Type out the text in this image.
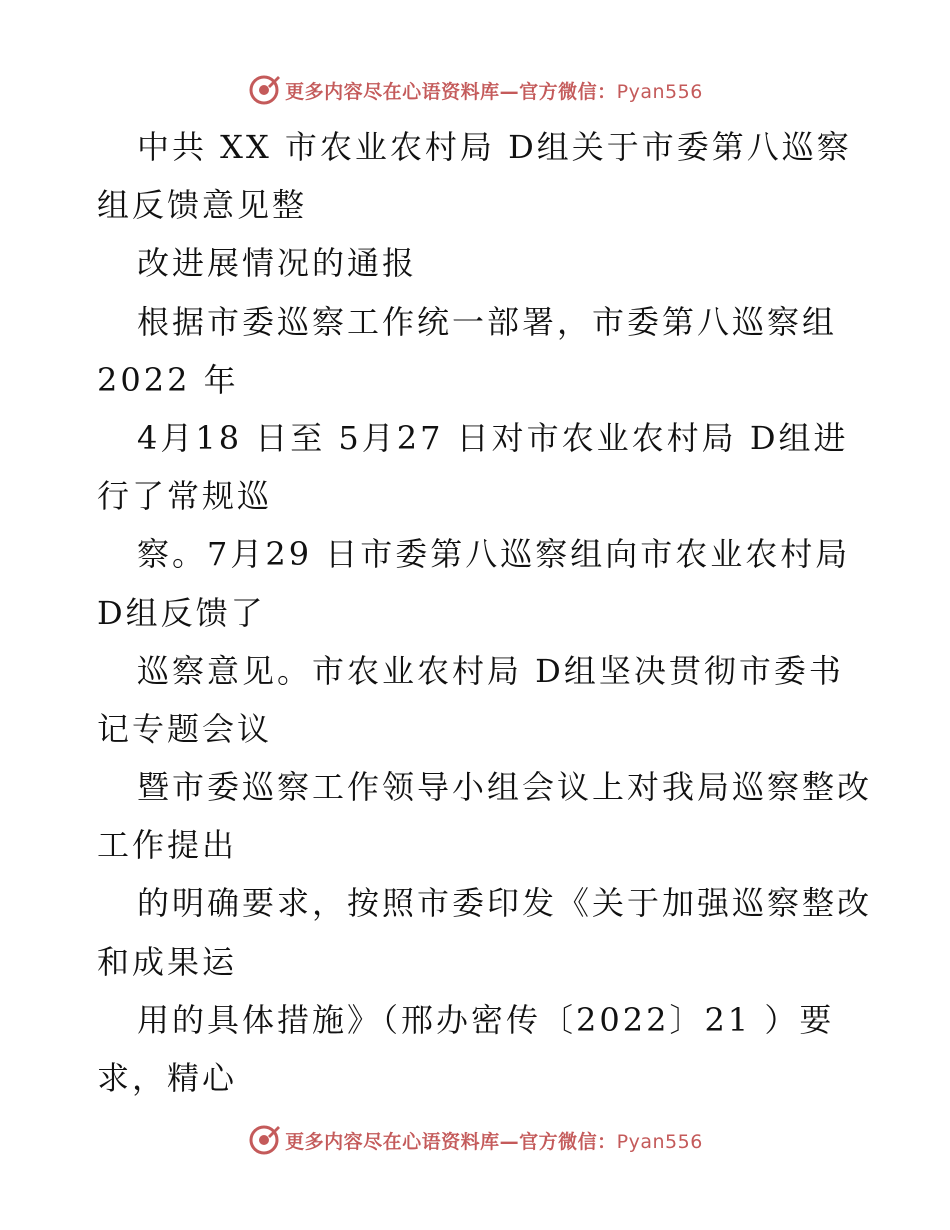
更多内容尽在心语资料库—官方微信：Pyan556
中共 XX 市农业农村局 D组关于市委第八巡察
组反馈意见整
改进展情况的通报
根据市委巡察工作统一部署，市委第八巡察组
2022 年
4月18 日至 5月27 日对市农业农村局 D组进
行了常规巡
察。7月29 日市委第八巡察组向市农业农村局
D组反馈了
巡察意见。市农业农村局 D组坚决贯彻市委书
记专题会议
暨市委巡察工作领导小组会议上对我局巡察整改
工作提出
的明确要求，按照市委印发《关于加强巡察整改
和成果运
用的具体措施》（邢办密传〔2022〕21 ）要
求，精心
更多内容尽在心语资料库—官方微信：Pyan556
